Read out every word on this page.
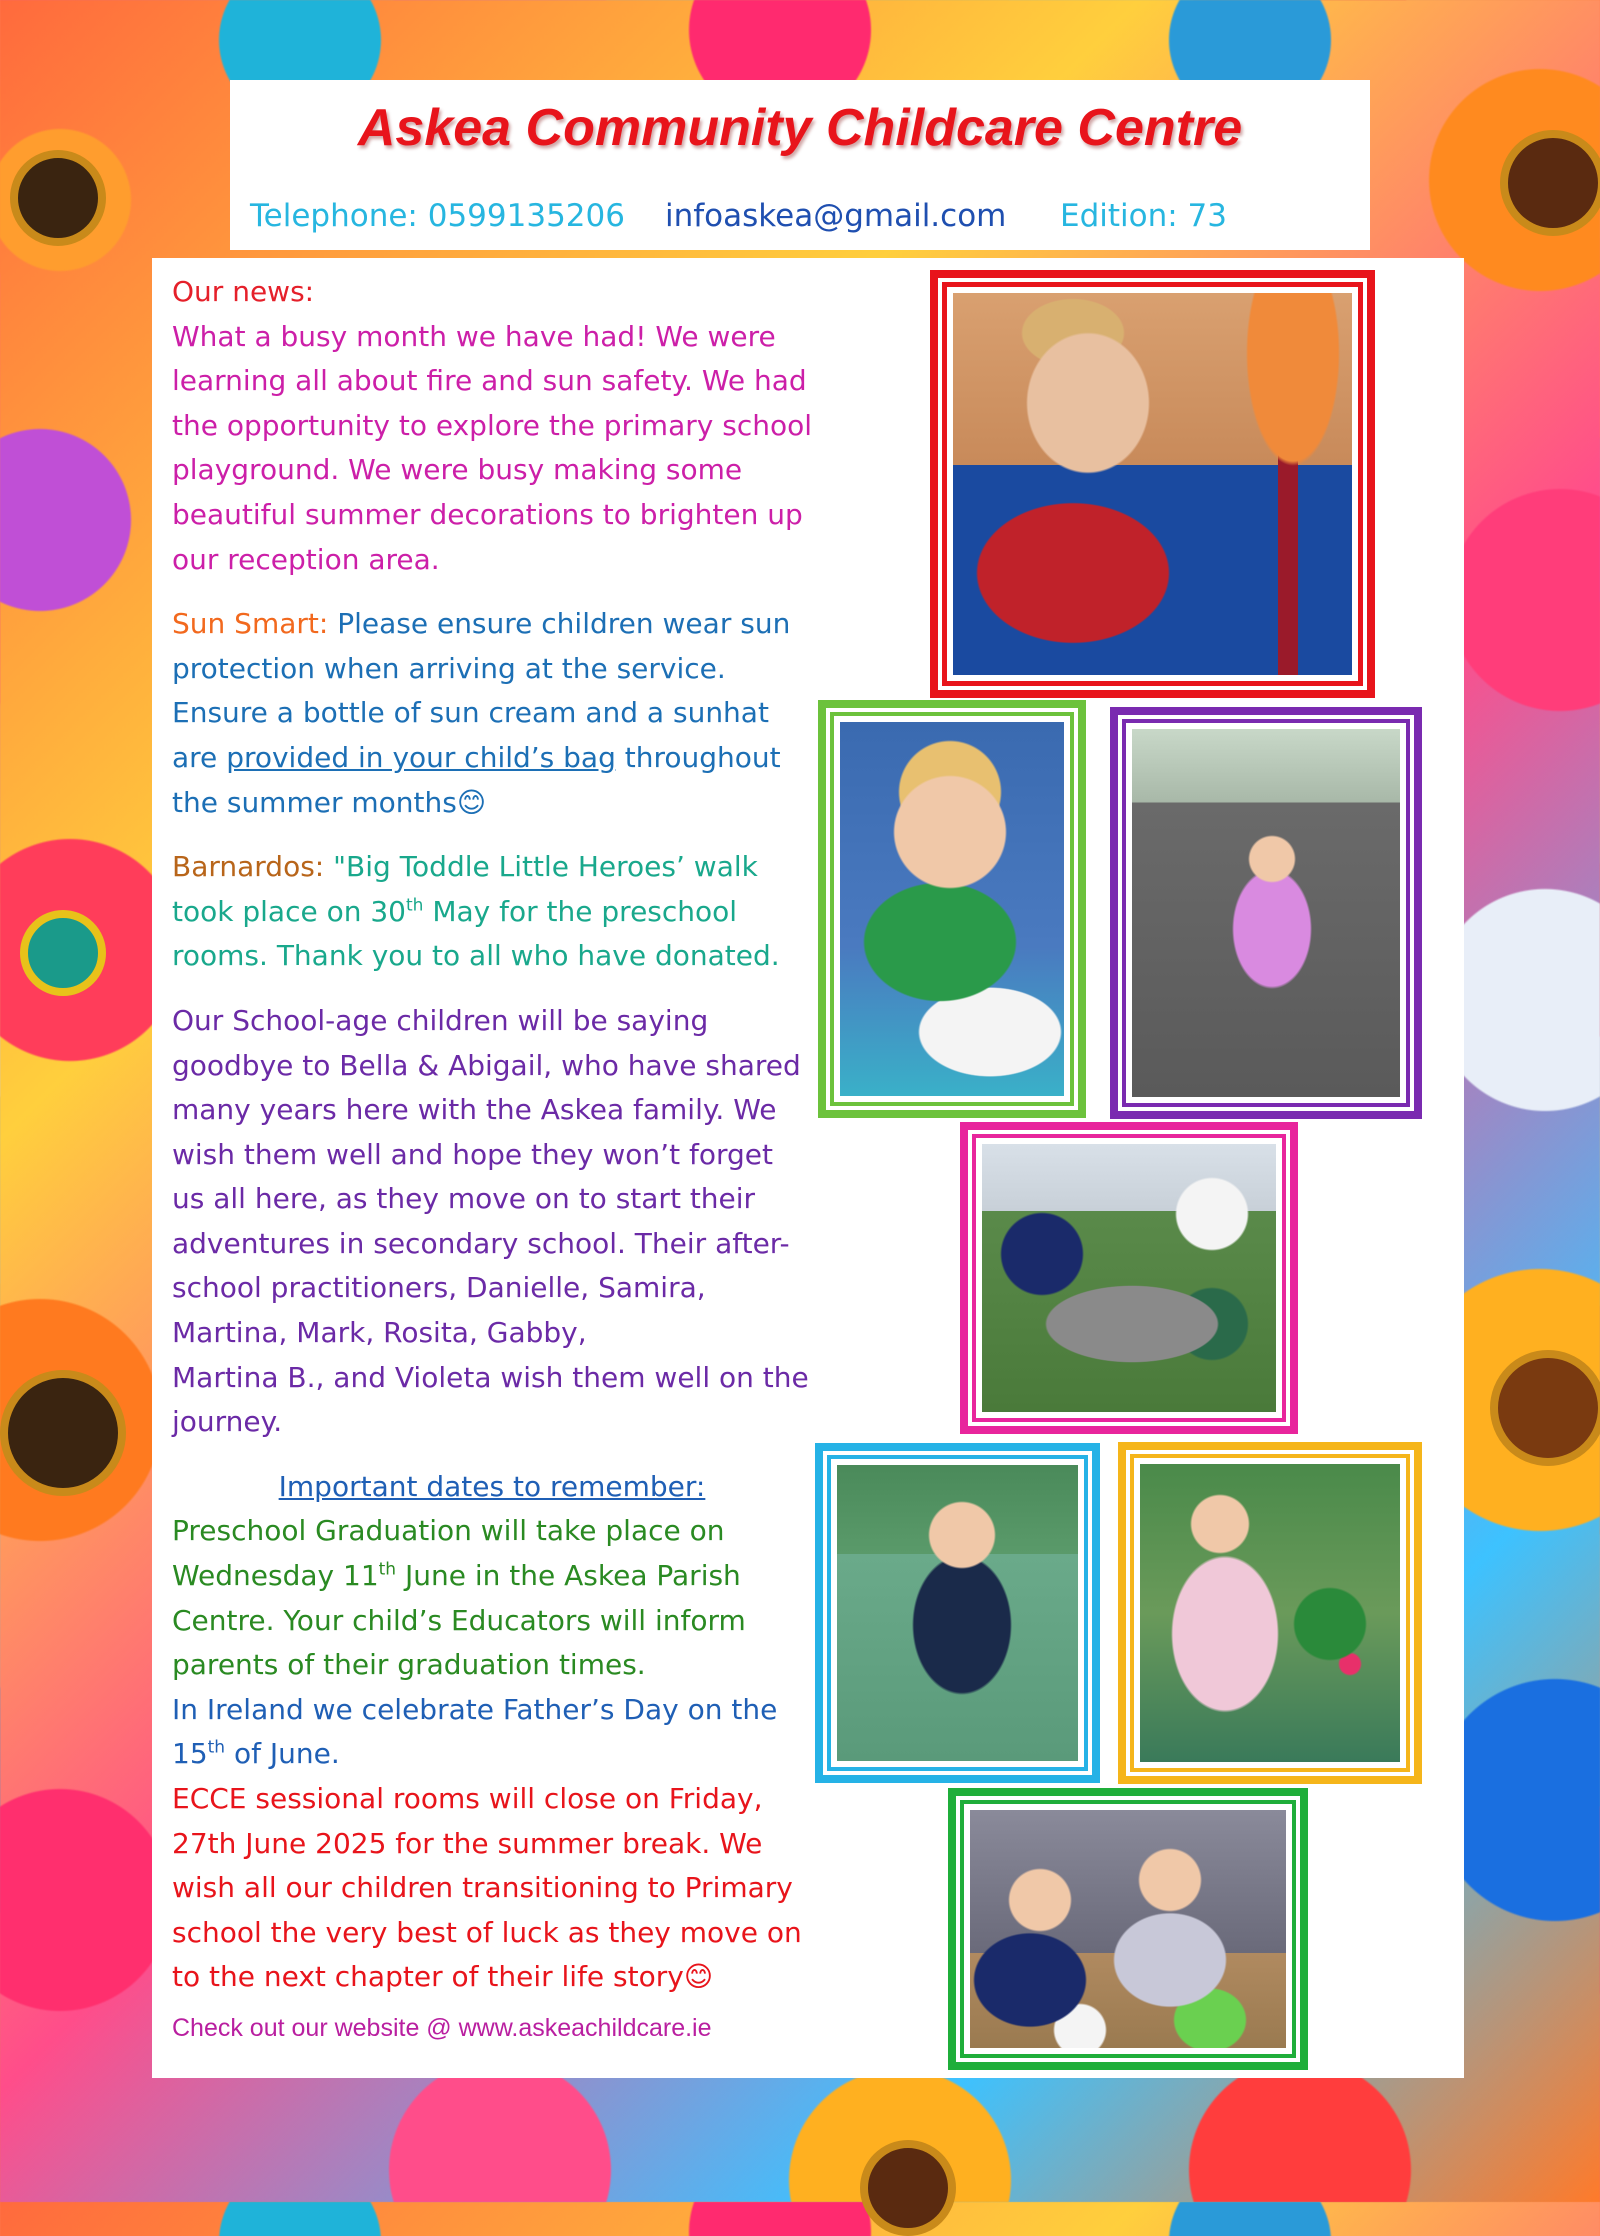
Askea Community Childcare Centre
Telephone: 0599135206 infoaskea@gmail.com Edition: 73

Our news:
What a busy month we have had! We were learning all about fire and sun safety. We had the opportunity to explore the primary school playground. We were busy making some beautiful summer decorations to brighten up our reception area.

Sun Smart: Please ensure children wear sun protection when arriving at the service. Ensure a bottle of sun cream and a sunhat are provided in your child’s bag throughout the summer months😊

Barnardos: "Big Toddle Little Heroes’ walk took place on 30th May for the preschool rooms. Thank you to all who have donated.

Our School-age children will be saying goodbye to Bella & Abigail, who have shared many years here with the Askea family. We wish them well and hope they won’t forget us all here, as they move on to start their adventures in secondary school. Their after-school practitioners, Danielle, Samira, Martina, Mark, Rosita, Gabby,
Martina B., and Violeta wish them well on the journey.

Important dates to remember:
Preschool Graduation will take place on Wednesday 11th June in the Askea Parish Centre. Your child’s Educators will inform parents of their graduation times.
In Ireland we celebrate Father’s Day on the 15th of June.
ECCE sessional rooms will close on Friday, 27th June 2025 for the summer break. We wish all our children transitioning to Primary school the very best of luck as they move on to the next chapter of their life story😊
Check out our website @ www.askeachildcare.ie
